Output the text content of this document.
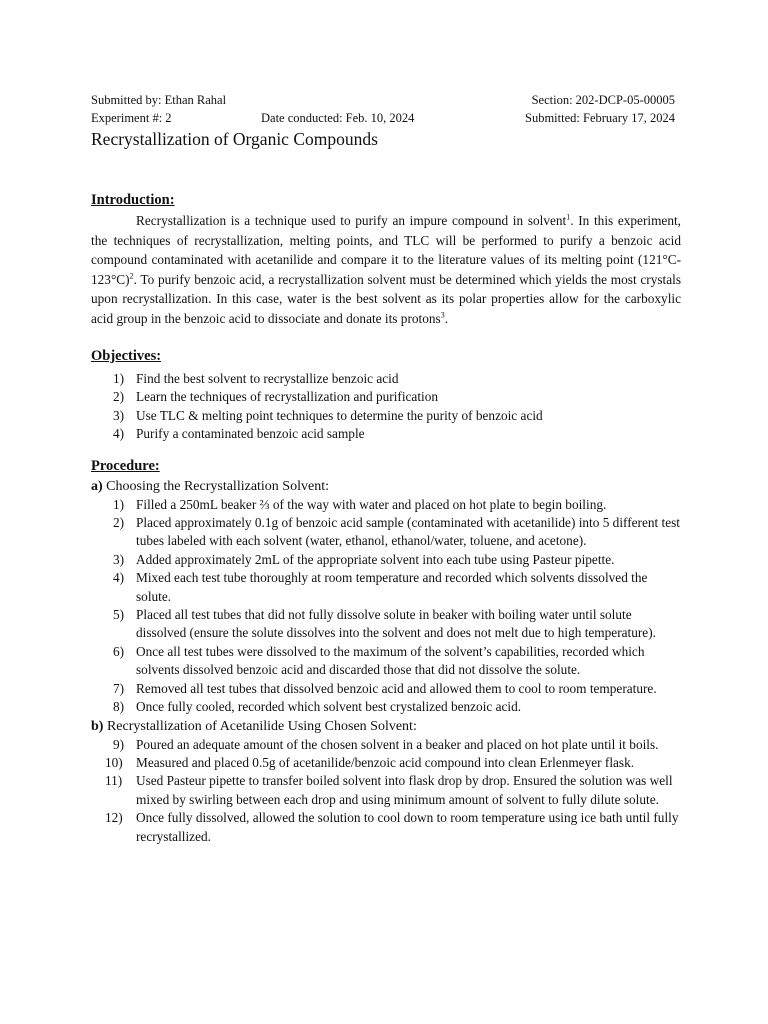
Submitted by: Ethan Rahal	Section: 202-DCP-05-00005
Experiment #: 2	Date conducted: Feb. 10, 2024	Submitted: February 17, 2024
Recrystallization of Organic Compounds
Introduction:

Recrystallization is a technique used to purify an impure compound in solvent$^1$. In this experiment, the techniques of recrystallization, melting points, and TLC will be performed to purify a benzoic acid compound contaminated with acetanilide and compare it to the literature values of its melting point $(121^\circ C-123^\circ C)^2$. To purify benzoic acid, a recrystallization solvent must be determined which yields the most crystals upon recrystallization. In this case, water is the best solvent as its polar properties allow for the carboxylic acid group in the benzoic acid to dissociate and donate its protons$^3$.

Objectives:
1) Find the best solvent to recrystallize benzoic acid
2) Learn the techniques of recrystallization and purification
3) Use TLC & melting point techniques to determine the purity of benzoic acid
4) Purify a contaminated benzoic acid sample
Procedure:
a) Choosing the Recrystallization Solvent:
1) Filled a 250mL beaker ⅔ of the way with water and placed on hot plate to begin boiling.
2) Placed approximately 0.1g of benzoic acid sample (contaminated with acetanilide) into 5 different test tubes labeled with each solvent (water, ethanol, ethanol/water, toluene, and acetone).
3) Added approximately 2mL of the appropriate solvent into each tube using Pasteur pipette.
4) Mixed each test tube thoroughly at room temperature and recorded which solvents dissolved the solute.
5) Placed all test tubes that did not fully dissolve solute in beaker with boiling water until solute dissolved (ensure the solute dissolves into the solvent and does not melt due to high temperature).
6) Once all test tubes were dissolved to the maximum of the solvent’s capabilities, recorded which solvents dissolved benzoic acid and discarded those that did not dissolve the solute.
7) Removed all test tubes that dissolved benzoic acid and allowed them to cool to room temperature.
8) Once fully cooled, recorded which solvent best crystalized benzoic acid.
b) Recrystallization of Acetanilide Using Chosen Solvent:
9) Poured an adequate amount of the chosen solvent in a beaker and placed on hot plate until it boils.
10) Measured and placed 0.5g of acetanilide/benzoic acid compound into clean Erlenmeyer flask.
11) Used Pasteur pipette to transfer boiled solvent into flask drop by drop. Ensured the solution was well mixed by swirling between each drop and using minimum amount of solvent to fully dilute solute.
12) Once fully dissolved, allowed the solution to cool down to room temperature using ice bath until fully recrystallized.
